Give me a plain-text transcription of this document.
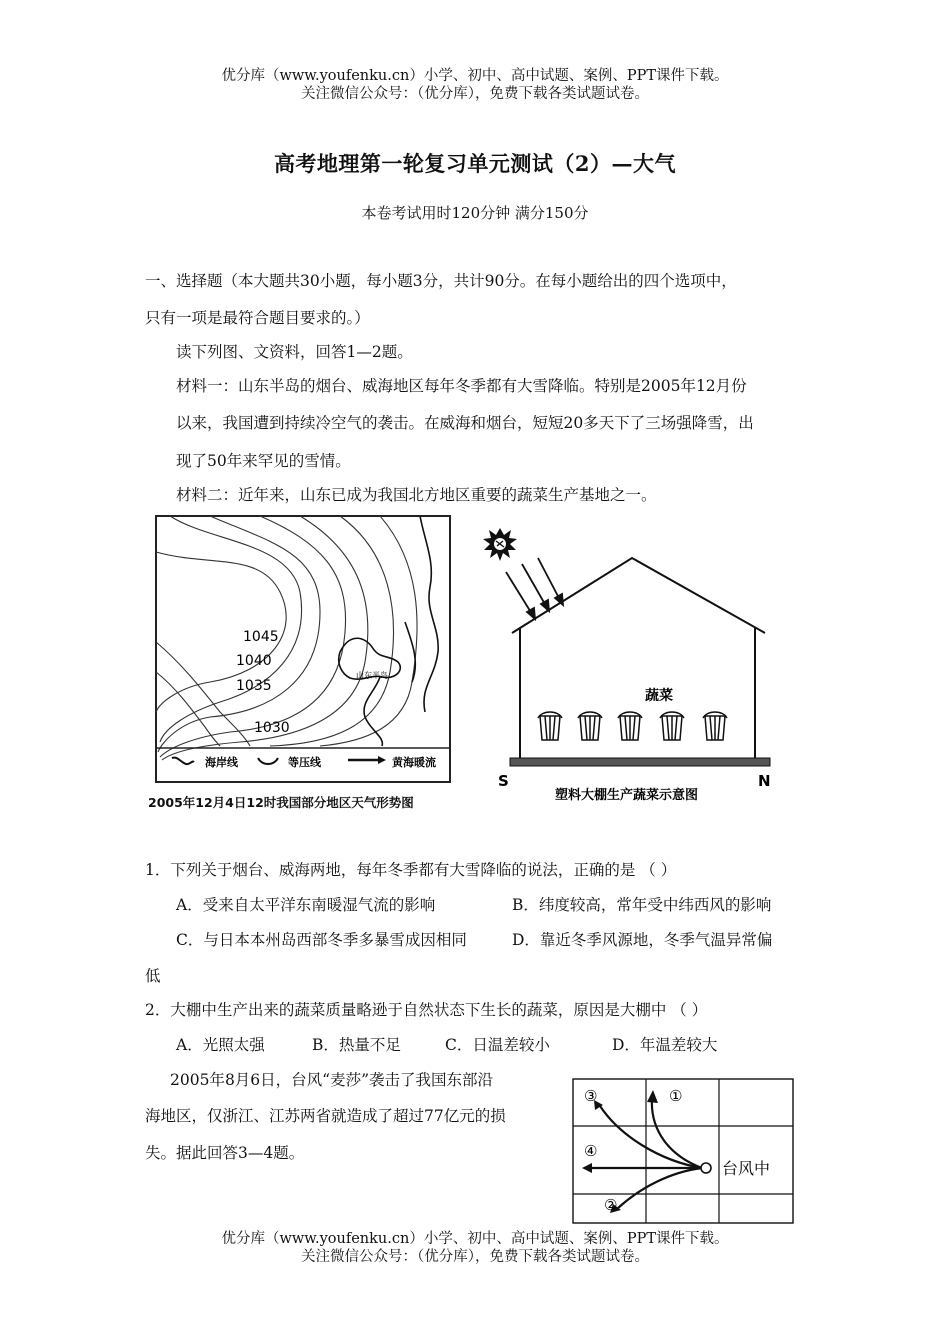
优分库（www.youfenku.cn）小学、初中、高中试题、案例、PPT课件下载。
关注微信公众号：（优分库），免费下载各类试题试卷。
高考地理第一轮复习单元测试（2）—大气
本卷考试用时120分钟 满分150分
一、选择题（本大题共30小题，每小题3分，共计90分。在每小题给出的四个选项中，
只有一项是最符合题目要求的。）
读下列图、文资料，回答1—2题。
材料一：山东半岛的烟台、威海地区每年冬季都有大雪降临。特别是2005年12月份
以来，我国遭到持续冷空气的袭击。在威海和烟台，短短20多天下了三场强降雪，出
现了50年来罕见的雪情。
材料二：近年来，山东已成为我国北方地区重要的蔬菜生产基地之一。
1045
1040
1035
1030
山东半岛
海岸线	等压线	黄海暖流
2005年12月4日12时我国部分地区天气形势图
蔬菜
S	N
塑料大棚生产蔬菜示意图
1．下列关于烟台、威海两地，每年冬季都有大雪降临的说法，正确的是 （ ）
A．受来自太平洋东南暖湿气流的影响	B．纬度较高，常年受中纬西风的影响
C．与日本本州岛西部冬季多暴雪成因相同	D．靠近冬季风源地，冬季气温异常偏
低
2．大棚中生产出来的蔬菜质量略逊于自然状态下生长的蔬菜，原因是大棚中 （ ）
A．光照太强	B．热量不足	C．日温差较小	D．年温差较大
2005年8月6日，台风“麦莎”袭击了我国东部沿
海地区，仅浙江、江苏两省就造成了超过77亿元的损
失。据此回答3—4题。
①
②
③
④
台风中
优分库（www.youfenku.cn）小学、初中、高中试题、案例、PPT课件下载。
关注微信公众号：（优分库），免费下载各类试题试卷。
